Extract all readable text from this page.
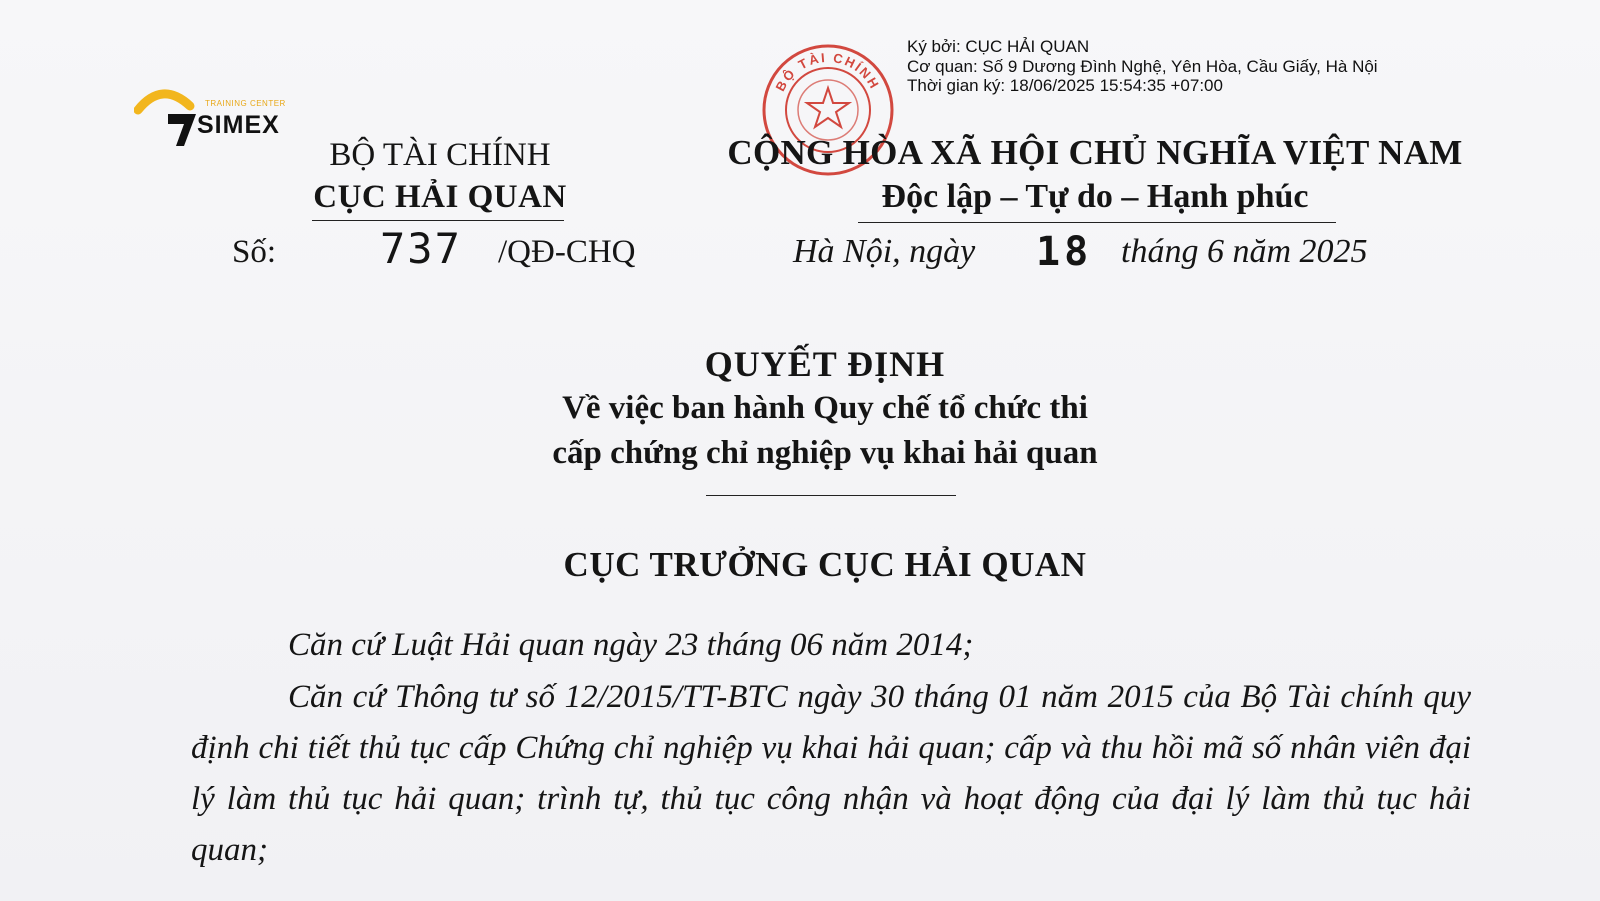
TRAINING CENTER
SIMEX
BỘ TÀI CHÍNH
Ký bởi: CỤC HẢI QUAN
Cơ quan: Số 9 Dương Đình Nghệ, Yên Hòa, Cầu Giấy, Hà Nội
Thời gian ký: 18/06/2025 15:54:35 +07:00
BỘ TÀI CHÍNH
CỤC HẢI QUAN
Số: 737 /QĐ-CHQ
CỘNG HÒA XÃ HỘI CHỦ NGHĨA VIỆT NAM
Độc lập – Tự do – Hạnh phúc
Hà Nội, ngày 18 tháng 6 năm 2025
QUYẾT ĐỊNH
Về việc ban hành Quy chế tổ chức thi
cấp chứng chỉ nghiệp vụ khai hải quan
CỤC TRƯỞNG CỤC HẢI QUAN
Căn cứ Luật Hải quan ngày 23 tháng 06 năm 2014;
Căn cứ Thông tư số 12/2015/TT-BTC ngày 30 tháng 01 năm 2015 của Bộ Tài chính quy định chi tiết thủ tục cấp Chứng chỉ nghiệp vụ khai hải quan; cấp và thu hồi mã số nhân viên đại lý làm thủ tục hải quan; trình tự, thủ tục công nhận và hoạt động của đại lý làm thủ tục hải quan;
